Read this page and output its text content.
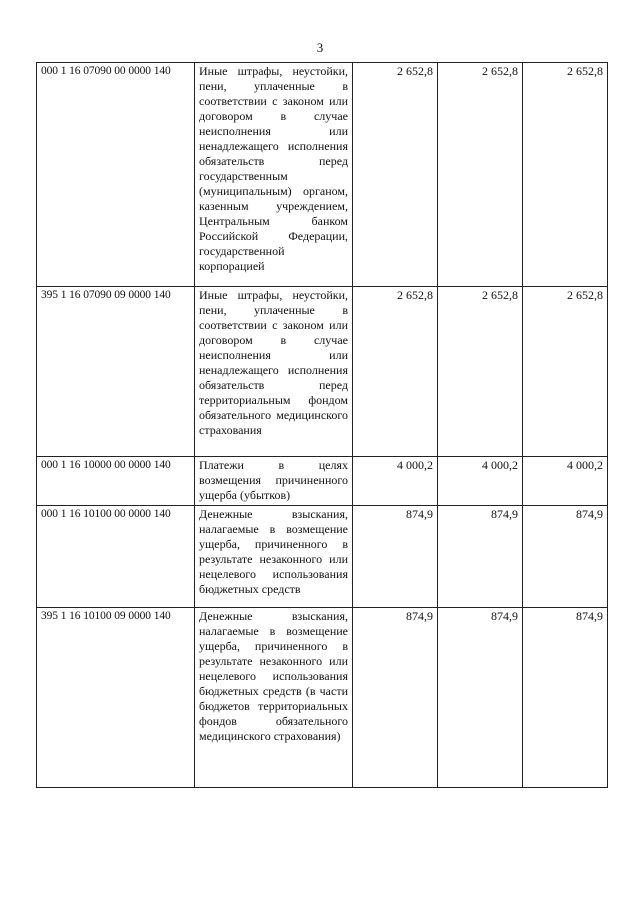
3
000 1 16 07090 00 0000 140	Иные штрафы, неустойки, пени, уплаченные в соответствии с законом или договором в случае неисполнения или ненадлежащего исполнения обязательств перед государственным (муниципальным) органом, казенным учреждением, Центральным банком Российской Федерации, государственной корпорацией	2 652,8	2 652,8	2 652,8

395 1 16 07090 09 0000 140	Иные штрафы, неустойки, пени, уплаченные в соответствии с законом или договором в случае неисполнения или ненадлежащего исполнения обязательств перед территориальным фондом обязательного медицинского страхования	2 652,8	2 652,8	2 652,8

000 1 16 10000 00 0000 140	Платежи в целях возмещения причиненного ущерба (убытков)	4 000,2	4 000,2	4 000,2

000 1 16 10100 00 0000 140	Денежные взыскания, налагаемые в возмещение ущерба, причиненного в результате незаконного или нецелевого использования бюджетных средств	874,9	874,9	874,9

395 1 16 10100 09 0000 140	Денежные взыскания, налагаемые в возмещение ущерба, причиненного в результате незаконного или нецелевого использования бюджетных средств (в части бюджетов территориальных фондов обязательного медицинского страхования)	874,9	874,9	874,9
